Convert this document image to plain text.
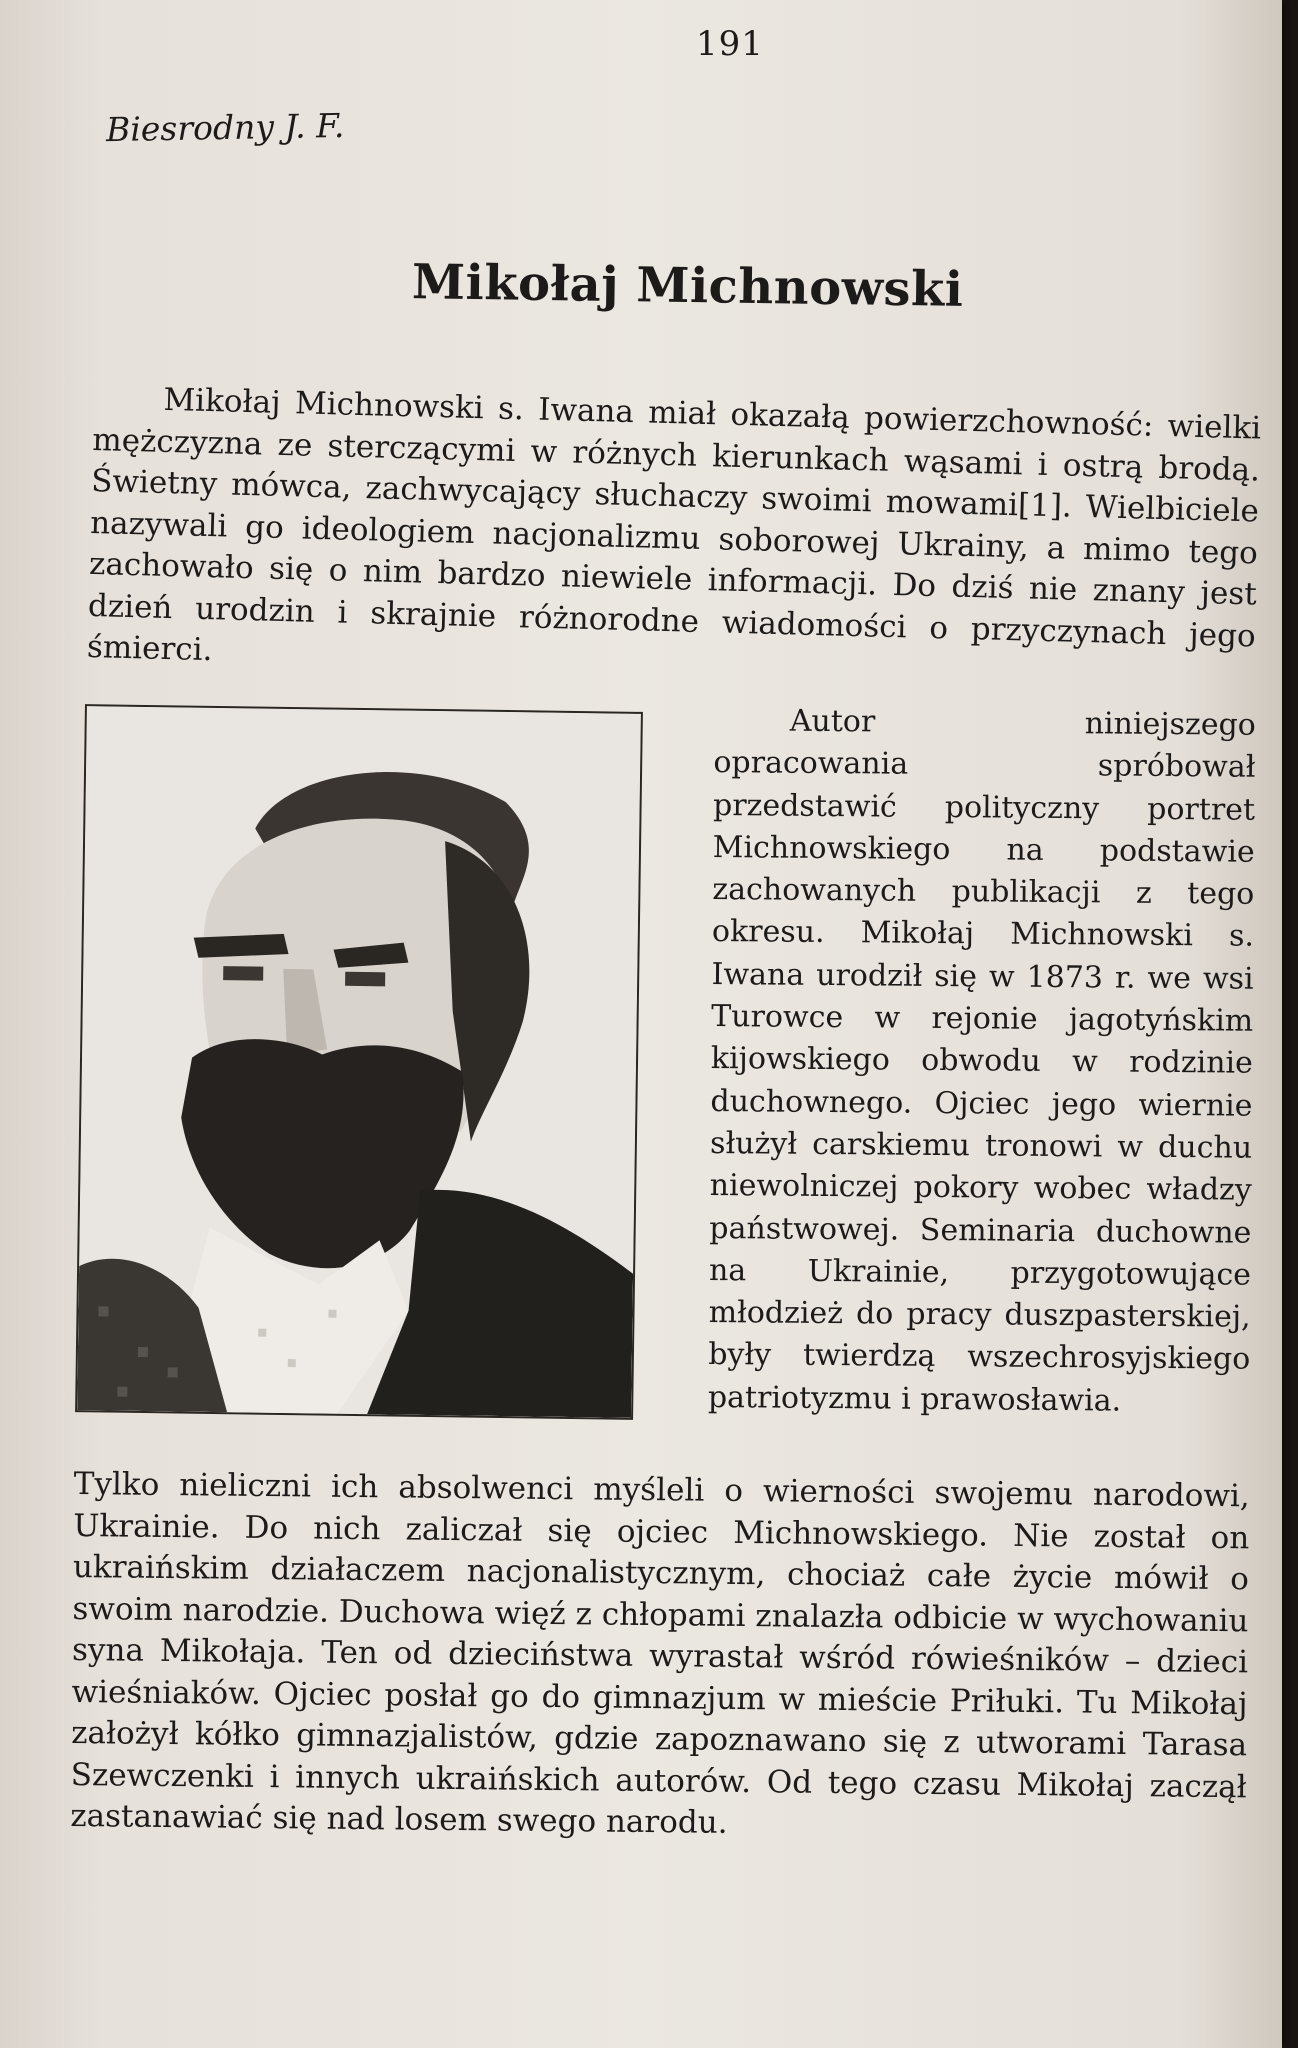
191
Biesrodny J. F.
Mikołaj Michnowski
Mikołaj Michnowski s. Iwana miał okazałą powierzchowność: wielki mężczyzna ze sterczącymi w różnych kierunkach wąsami i ostrą brodą. Świetny mówca, zachwycający słuchaczy swoimi mowami[1]. Wielbiciele nazywali go ideologiem nacjonalizmu soborowej Ukrainy, a mimo tego zachowało się o nim bardzo niewiele informacji. Do dziś nie znany jest dzień urodzin i skrajnie różnorodne wiadomości o przyczynach jego śmierci.
Autor niniejszego opracowania spróbował przedstawić polityczny portret Michnowskiego na podstawie zachowanych publikacji z tego okresu. Mikołaj Michnowski s. Iwana urodził się w 1873 r. we wsi Turowce w rejonie jagotyńskim kijowskiego obwodu w rodzinie duchownego. Ojciec jego wiernie służył carskiemu tronowi w duchu niewolniczej pokory wobec władzy państwowej. Seminaria duchowne na Ukrainie, przygotowujące młodzież do pracy duszpasterskiej, były twierdzą wszechrosyjskiego patriotyzmu i prawosławia.
Tylko nieliczni ich absolwenci myśleli o wierności swojemu narodowi, Ukrainie. Do nich zaliczał się ojciec Michnowskiego. Nie został on ukraińskim działaczem nacjonalistycznym, chociaż całe życie mówił o swoim narodzie. Duchowa więź z chłopami znalazła odbicie w wychowaniu syna Mikołaja. Ten od dzieciństwa wyrastał wśród rówieśników – dzieci wieśniaków. Ojciec posłał go do gimnazjum w mieście Priłuki. Tu Mikołaj założył kółko gimnazjalistów, gdzie zapoznawano się z utworami Tarasa Szewczenki i innych ukraińskich autorów. Od tego czasu Mikołaj zaczął zastanawiać się nad losem swego narodu.
